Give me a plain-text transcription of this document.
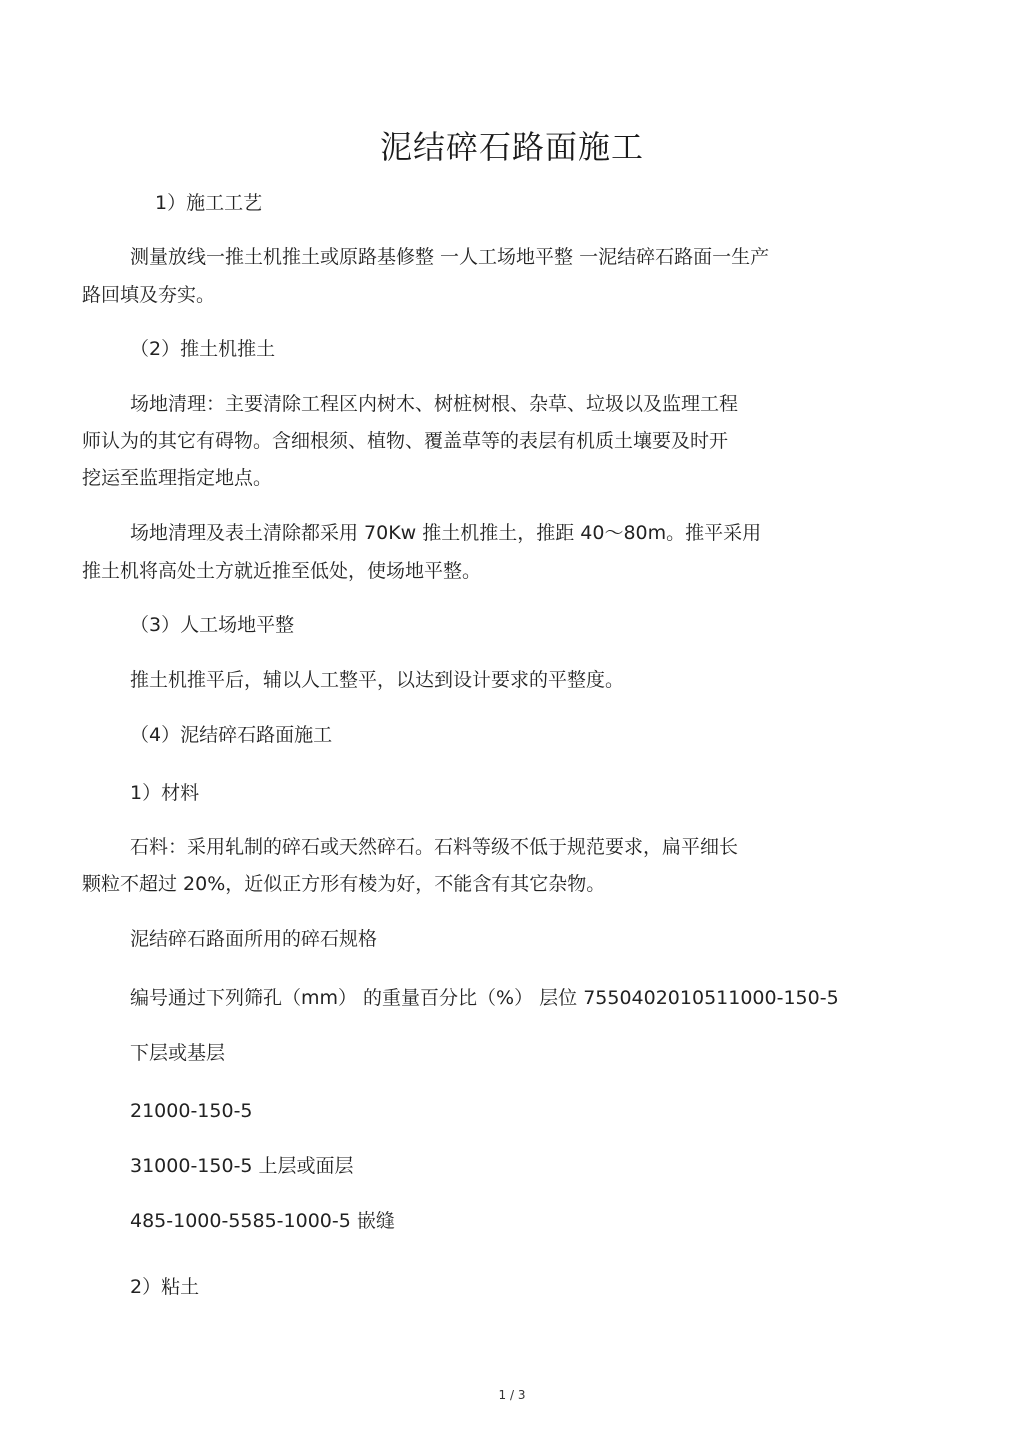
泥结碎石路面施工
1）施工工艺
测量放线一推土机推土或原路基修整 一人工场地平整 一泥结碎石路面一生产
路回填及夯实。
（2）推土机推土
场地清理：主要清除工程区内树木、树桩树根、杂草、垃圾以及监理工程
师认为的其它有碍物。含细根须、植物、覆盖草等的表层有机质土壤要及时开
挖运至监理指定地点。
场地清理及表土清除都采用 70Kw 推土机推土，推距 40～80m。推平采用
推土机将高处土方就近推至低处，使场地平整。
（3）人工场地平整
推土机推平后，辅以人工整平，以达到设计要求的平整度。
（4）泥结碎石路面施工
1）材料
石料：采用轧制的碎石或天然碎石。石料等级不低于规范要求，扁平细长
颗粒不超过 20%，近似正方形有棱为好，不能含有其它杂物。
泥结碎石路面所用的碎石规格
编号通过下列筛孔（mm） 的重量百分比（%） 层位 7550402010511000-150-5
下层或基层
21000-150-5
31000-150-5 上层或面层
485-1000-5585-1000-5 嵌缝
2）粘土
1 / 3
